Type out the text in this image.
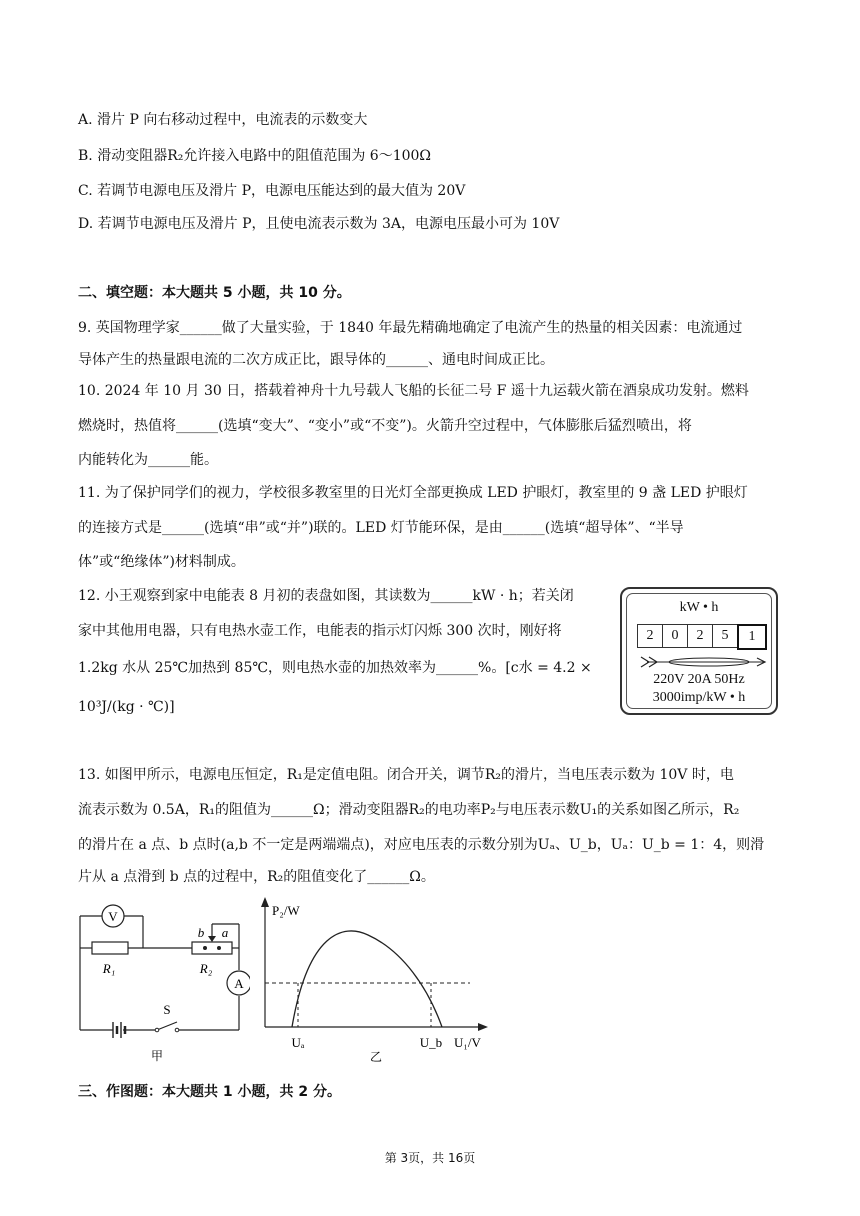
A. 滑片 P 向右移动过程中，电流表的示数变大
B. 滑动变阻器R₂允许接入电路中的阻值范围为 6～100Ω
C. 若调节电源电压及滑片 P，电源电压能达到的最大值为 20V
D. 若调节电源电压及滑片 P，且使电流表示数为 3A，电源电压最小可为 10V
二、填空题：本大题共 5 小题，共 10 分。
9. 英国物理学家______做了大量实验，于 1840 年最先精确地确定了电流产生的热量的相关因素：电流通过
导体产生的热量跟电流的二次方成正比，跟导体的______、通电时间成正比。
10. 2024 年 10 月 30 日，搭载着神舟十九号载人飞船的长征二号 F 遥十九运载火箭在酒泉成功发射。燃料
燃烧时，热值将______(选填“变大”、“变小”或“不变”)。火箭升空过程中，气体膨胀后猛烈喷出，将
内能转化为______能。
11. 为了保护同学们的视力，学校很多教室里的日光灯全部更换成 LED 护眼灯，教室里的 9 盏 LED 护眼灯
的连接方式是______(选填“串”或“并”)联的。LED 灯节能环保，是由______(选填“超导体”、“半导
体”或“绝缘体”)材料制成。
12. 小王观察到家中电能表 8 月初的表盘如图，其读数为______kW · h；若关闭
家中其他用电器，只有电热水壶工作，电能表的指示灯闪烁 300 次时，刚好将
1.2kg 水从 25℃加热到 85℃，则电热水壶的加热效率为______%。[c水 = 4.2 ×
10³J/(kg · ℃)]
kW • h
2	0	2	5	1
220V 20A 50Hz
3000imp/kW • h
13. 如图甲所示，电源电压恒定，R₁是定值电阻。闭合开关，调节R₂的滑片，当电压表示数为 10V 时，电
流表示数为 0.5A，R₁的阻值为______Ω；滑动变阻器R₂的电功率P₂与电压表示数U₁的关系如图乙所示，R₂
的滑片在 a 点、b 点时(a,b 不一定是两端端点)，对应电压表的示数分别为Uₐ、U_b，Uₐ：U_b = 1：4，则滑
片从 a 点滑到 b 点的过程中，R₂的阻值变化了______Ω。
V
A
R₁	R₂
b a
S
甲
P₂/W
U₁/V
Uₐ	U_b
乙
三、作图题：本大题共 1 小题，共 2 分。
第 3页，共 16页
